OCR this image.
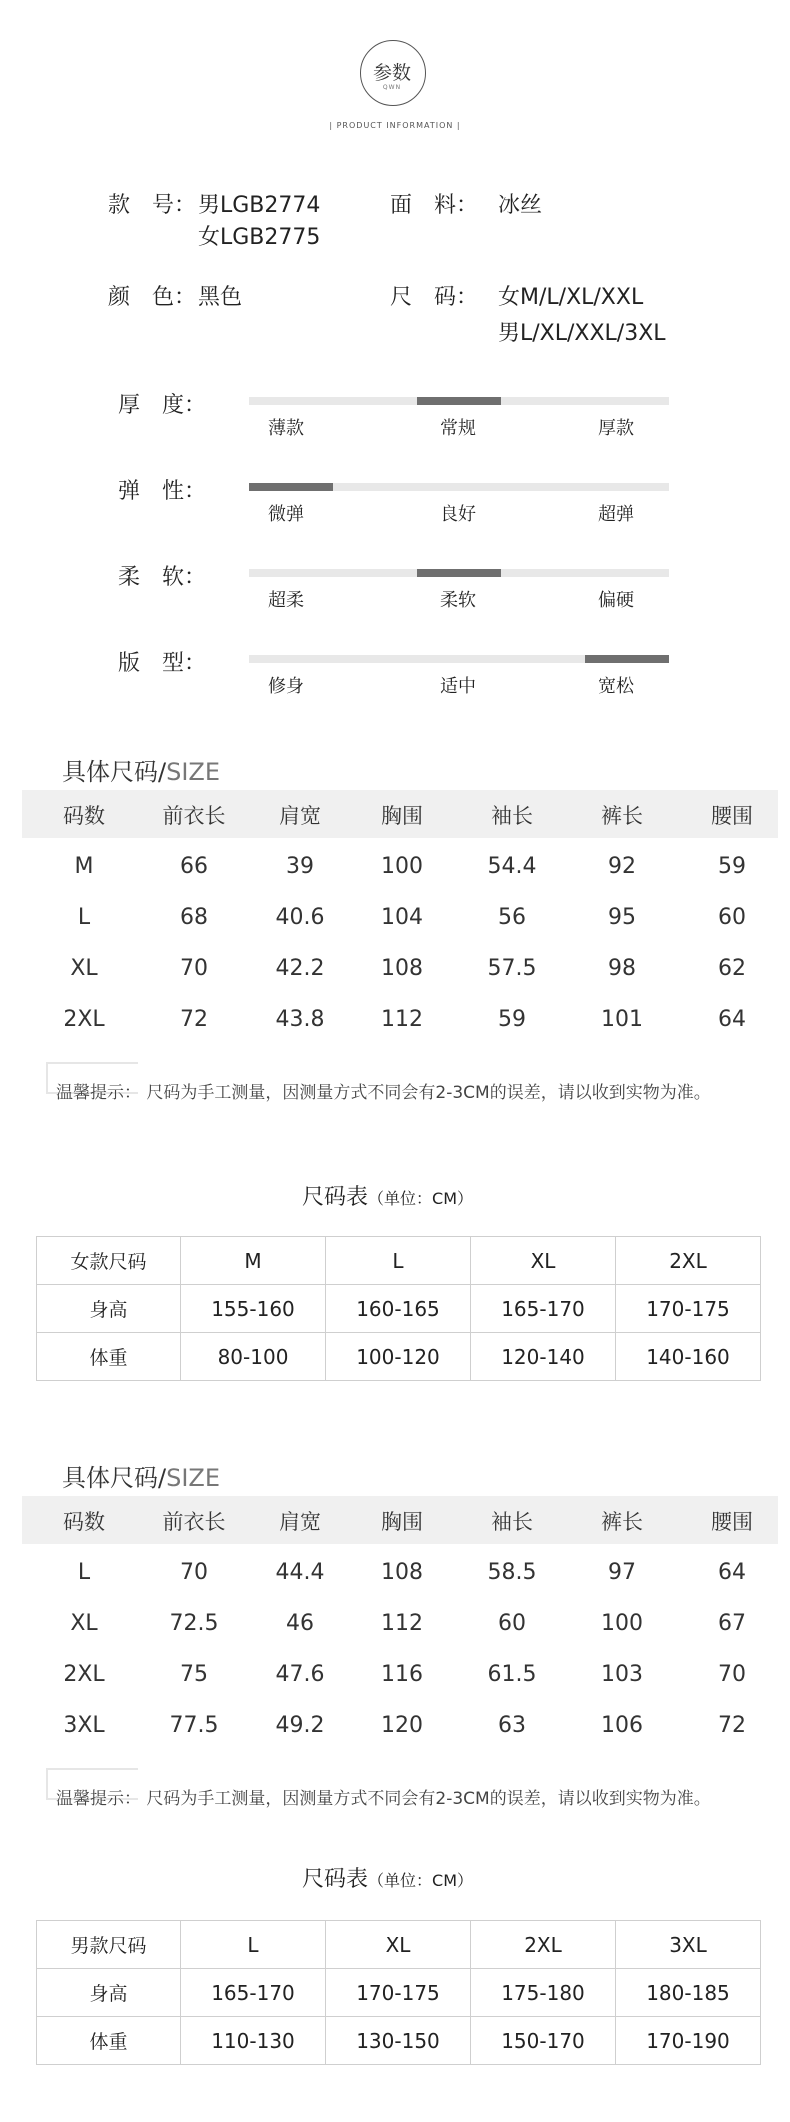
参数
QWN
| PRODUCT INFORMATION |
款　号： 男LGB2774
女LGB2775
面　料： 冰丝
颜　色： 黑色	尺　码： 女M/L/XL/XXL
男L/XL/XXL/3XL
厚　度：
薄款	常规	厚款
弹　性：
微弹	良好	超弹
柔　软：
超柔	柔软	偏硬
版　型：
修身	适中	宽松
具体尺码/SIZE
码数	前衣长	肩宽	胸围	袖长	裤长	腰围
M	66	39	100	54.4	92	59
L	68	40.6	104	56	95	60
XL	70	42.2	108	57.5	98	62
2XL	72	43.8	112	59	101	64
温馨提示： 尺码为手工测量，因测量方式不同会有2-3CM的误差，请以收到实物为准。
尺码表（单位：CM）
女款尺码	M	L	XL	2XL
身高	155-160	160-165	165-170	170-175
体重	80-100	100-120	120-140	140-160
具体尺码/SIZE
码数	前衣长	肩宽	胸围	袖长	裤长	腰围
L	70	44.4	108	58.5	97	64
XL	72.5	46	112	60	100	67
2XL	75	47.6	116	61.5	103	70
3XL	77.5	49.2	120	63	106	72
温馨提示： 尺码为手工测量，因测量方式不同会有2-3CM的误差，请以收到实物为准。
尺码表（单位：CM）
男款尺码	L	XL	2XL	3XL
身高	165-170	170-175	175-180	180-185
体重	110-130	130-150	150-170	170-190
